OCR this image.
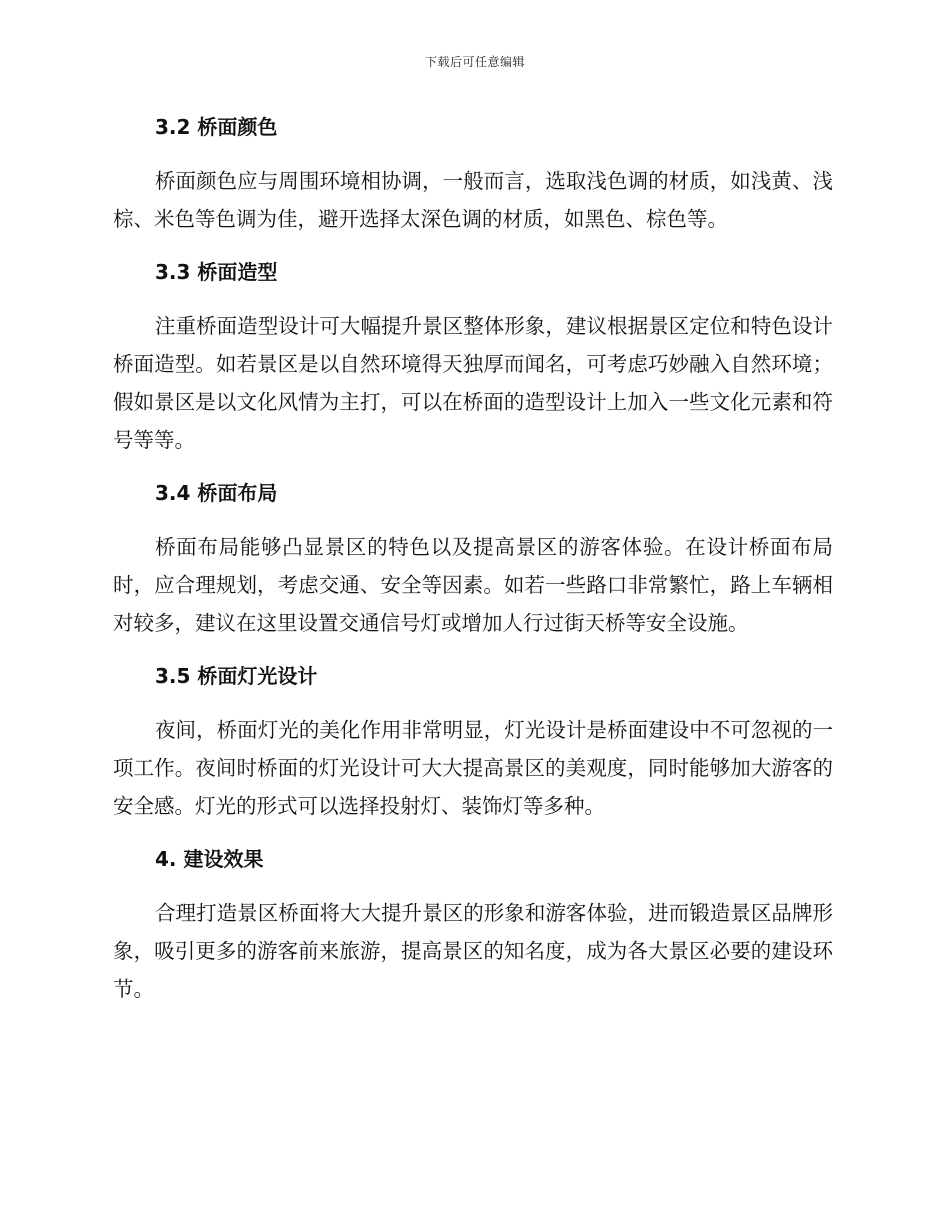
下载后可任意编辑
3.2 桥面颜色

桥面颜色应与周围环境相协调，一般而言，选取浅色调的材质，如浅黄、浅棕、米色等色调为佳，避开选择太深色调的材质，如黑色、棕色等。

3.3 桥面造型

注重桥面造型设计可大幅提升景区整体形象，建议根据景区定位和特色设计桥面造型。如若景区是以自然环境得天独厚而闻名，可考虑巧妙融入自然环境；假如景区是以文化风情为主打，可以在桥面的造型设计上加入一些文化元素和符号等等。

3.4 桥面布局

桥面布局能够凸显景区的特色以及提高景区的游客体验。在设计桥面布局时，应合理规划，考虑交通、安全等因素。如若一些路口非常繁忙，路上车辆相对较多，建议在这里设置交通信号灯或增加人行过街天桥等安全设施。

3.5 桥面灯光设计

夜间，桥面灯光的美化作用非常明显，灯光设计是桥面建设中不可忽视的一项工作。夜间时桥面的灯光设计可大大提高景区的美观度，同时能够加大游客的安全感。灯光的形式可以选择投射灯、装饰灯等多种。

4. 建设效果

合理打造景区桥面将大大提升景区的形象和游客体验，进而锻造景区品牌形象，吸引更多的游客前来旅游，提高景区的知名度，成为各大景区必要的建设环节。
